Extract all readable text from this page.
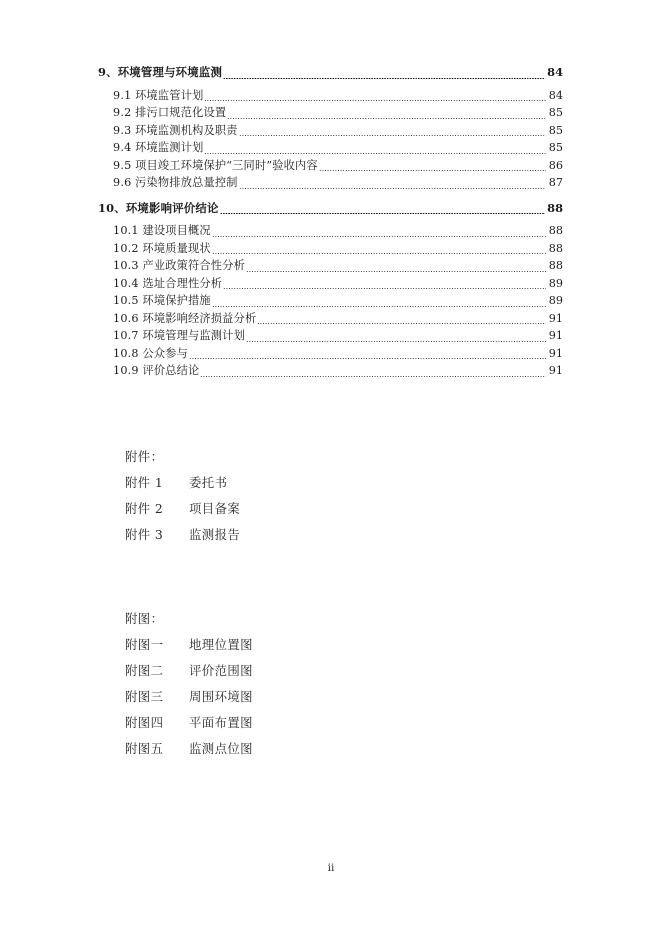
9、环境管理与环境监测	84
9.1 环境监管计划	84
9.2 排污口规范化设置	85
9.3 环境监测机构及职责	85
9.4 环境监测计划	85
9.5 项目竣工环境保护“三同时”验收内容	86
9.6 污染物排放总量控制	87
10、环境影响评价结论	88
10.1 建设项目概况	88
10.2 环境质量现状	88
10.3 产业政策符合性分析	88
10.4 选址合理性分析	89
10.5 环境保护措施	89
10.6 环境影响经济损益分析	91
10.7 环境管理与监测计划	91
10.8 公众参与	91
10.9 评价总结论	91
附件：
附件 1 委托书
附件 2 项目备案
附件 3 监测报告
附图：
附图一 地理位置图
附图二 评价范围图
附图三 周围环境图
附图四 平面布置图
附图五 监测点位图
ii
